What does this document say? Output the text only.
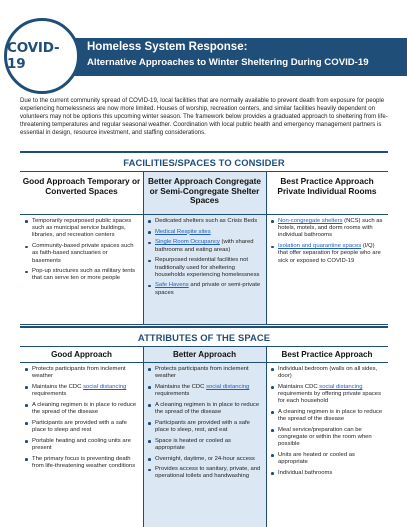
COVID-19
Homeless System Response:
Alternative Approaches to Winter Sheltering During COVID-19
Due to the current community spread of COVID-19, local facilities that are normally available to prevent death from exposure for people experiencing homelessness are now more limited. Houses of worship, recreation centers, and similar facilities heavily dependent on volunteers may not be options this upcoming winter season. The framework below provides a graduated approach to sheltering from life-threatening temperatures and regular seasonal weather. Coordination with local public health and emergency management partners is essential in design, resource investment, and staffing considerations.
FACILITIES/SPACES TO CONSIDER
Good Approach Temporary or Converted Spaces
Better Approach Congregate or Semi-Congregate Shelter Spaces
Best Practice Approach Private Individual Rooms
Temporarily repurposed public spaces such as municipal service buildings, libraries, and recreation centers
Community-based private spaces such as faith-based sanctuaries or basements
Pop-up structures such as military tents that can serve ten or more people
Dedicated shelters such as Crisis Beds
Medical Respite sites
Single Room Occupancy (with shared bathrooms and eating areas)
Repurposed residential facilities not traditionally used for sheltering households experiencing homelessness
Safe Havens and private or semi-private spaces
Non-congregate shelters (NCS) such as hotels, motels, and dorm rooms with individual bathrooms
Isolation and quarantine spaces (I/Q) that offer separation for people who are sick or exposed to COVID-19
ATTRIBUTES OF THE SPACE
Good Approach	Better Approach	Best Practice Approach
Protects participants from inclement weather
Maintains the CDC social distancing requirements
A cleaning regimen is in place to reduce the spread of the disease
Participants are provided with a safe place to sleep and rest
Portable heating and cooling units are present
The primary focus is preventing death from life-threatening weather conditions
Protects participants from inclement weather
Maintains the CDC social distancing requirements
A cleaning regimen is in place to reduce the spread of the disease
Participants are provided with a safe place to sleep, rest, and eat
Space is heated or cooled as appropriate
Overnight, daytime, or 24-hour access
Provides access to sanitary, private, and operational toilets and handwashing
Individual bedroom (walls on all sides, door)
Maintains CDC social distancing requirements by offering private spaces for each household
A cleaning regimen is in place to reduce the spread of the disease
Meal service/preparation can be congregate or within the room when possible
Units are heated or cooled as appropriate
Individual bathrooms
